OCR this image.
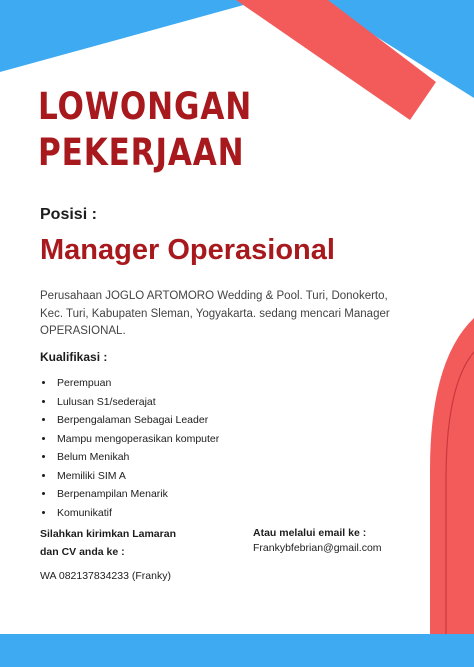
LOWONGAN
PEKERJAAN

Posisi :

Manager Operasional

Perusahaan JOGLO ARTOMORO Wedding & Pool. Turi, Donokerto, Kec. Turi, Kabupaten Sleman, Yogyakarta. sedang mencari Manager OPERASIONAL.

Kualifikasi :

• Perempuan
• Lulusan S1/sederajat
• Berpengalaman Sebagai Leader
• Mampu mengoperasikan komputer
• Belum Menikah
• Memiliki SIM A
• Berpenampilan Menarik
• Komunikatif

Silahkan kirimkan Lamaran
dan CV anda ke :

WA 082137834233 (Franky)

Atau melalui email ke :

Frankybfebrian@gmail.com
